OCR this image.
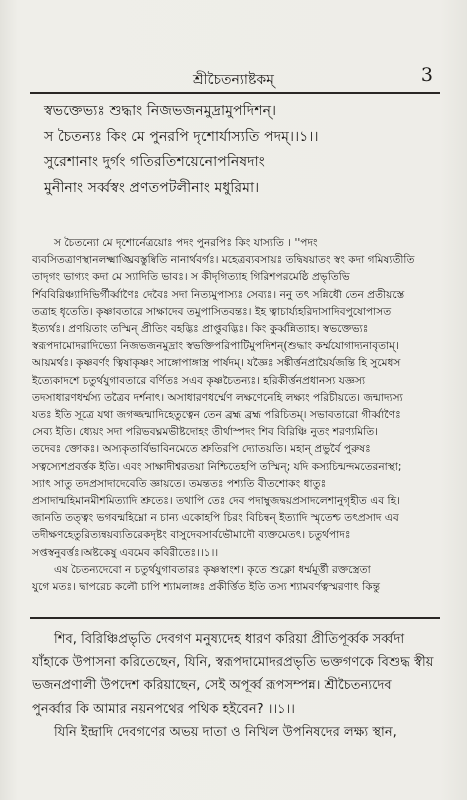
শ্রীচৈতন্যাষ্টকম্‌	3
স্বভক্তেভ্যঃ শুদ্ধাং নিজভজনমুদ্রামুপদিশন্‌।
স চৈতন্যঃ কিং মে পুনরপি দৃশোর্যাস্যতি পদম্‌।।১।।
সুরেশানাং দুর্গং গতিরতিশয়েনোপনিষদাং
মুনীনাং সর্ব্বস্বং প্রণতপটলীনাং মধুরিমা।
স চৈতন্যো মে দৃশোর্নেত্রয়োঃ পদং পুনরপিঃ কিং যাস্যতি । ''পদং
ব্যবসিতত্রাণস্থানলক্ষ্মাঙ্ঘ্রিবস্তুষ্বিতি নানার্থবর্গঃ। মহেত্রব্যবসায়ঃ তদ্বিষয়াতং স্বং কদা গমিষ্যতীতি
তাদৃগং ভাগ্যং কদা মে স্যাদিতি ভাবঃ। স কীদৃগিত্যাহ গিরিশপরমেষ্ঠি প্রভৃতিভি
র্শিববিরিঞ্চ্যাদিভির্গীর্ব্বাণৈঃ দেবৈঃ সদা নিত্যমুপাস্যঃ সেব্যঃ। ননু তৎ সন্নিধৌ তেন প্রতীয়স্তে
তত্রাহ ধৃতেতি। কৃষ্ণাবতারে সাক্ষাদেব তমুপাসিতবন্তঃ। ইহ ত্বাচার্য্যহরিদাসাদিবপুষোপাসত
ইত্যর্থঃ। প্রণয়িতাং তস্মিন্‌ প্রীতিং বহদ্ভিঃ প্রাপ্তুবদ্ভিঃ। কিং কুর্ব্বন্নিত্যাহ। স্বভক্তেভ্যঃ
স্বরূপদামোদরাদিভ্যো নিজভজনমুদ্রাং স্বভক্তিপরিপাটিমুপদিশন্‌(শুদ্ধাং কর্ম্মযোগাদ্যনাবৃতাম্‌।
আয়মর্থঃ। কৃষ্ণবর্ণং ত্বিষাকৃষ্ণং সাঙ্গোপাঙ্গাস্ত্র পার্ষদম্‌। যজ্ঞৈঃ সঙ্কীর্ত্তনপ্রায়ৈর্যজন্তি হি সুমেধস
ইত্যেকাদশে চতুর্থযুগাবতারে বর্ণিতঃ সএব কৃষ্ণচৈতন্যঃ। হরিকীর্ত্তনপ্রধানস্য যজ্ঞস্য
তদসাধারণধর্ম্মস্য তত্রৈব দর্শনাৎ। অসাধারণধর্ম্মেণ লক্ষণেনেহি লক্ষ্যং পরিচীয়তে। জন্মাদ্যস্য
যতঃ ইতি সূত্রে যথা জগজ্জন্মাদিহেতুত্বেন তেন ব্রহ্ম ব্রহ্ম পরিচিতম্‌। সভাবতারো গীর্ব্বাণৈঃ
সেব্য ইতি। ধ্যেয়ং সদা পরিভবঘ্নমভীষ্টদোহং তীর্থাস্পদং শিব বিরিঞ্চি নুতং শরণ্যমিতি।
তদেবঃ ক্তোকঃ। অস্যকৃতার্বিভাবিনমেতে শ্রুতিরপি দ্যোতয়তি। মহান্‌ প্রভুর্বৈ পুরুষঃ
সত্বস্যেশপ্রবর্ত্তক ইতি। এবং সাক্ষাদীশ্বরতয়া নিশ্চিতেহপি তস্মিন্‌; যদি কস্যচিন্মন্দমতেরনাস্থা;
স্যাৎ সাতু তদপ্রসাদাদেবেতি জ্ঞায়তে। তমন্ততঃ পশ্যতি বীতশোকং ধাতুঃ
প্রসাদান্মহিমানমীশমিত্যাদি শ্রুতেঃ। তথাপি তেঃ দেব পদাম্বুজদ্বয়প্রসাদলেশানুগৃহীত এব হি।
জানতি তত্ত্বং ভগবন্মহিম্নো ন চান্য একোহপি চিরং বিচিন্বন্‌ ইত্যাদি স্মৃতেশ্চ তৎপ্রসাদ এব
তদীক্ষণহেতুরিত্যন্বয়ব্যতিরেকদৃষ্টং বাসুদেবসার্বভৌমাদৌ ব্যক্তমেতৎ। চতুর্থপাদঃ
সপ্তস্বনুবর্ত্তঃ।অষ্টকেষু এবমেব কবিরীতেঃ।।১।।
এষ চৈতন্যদেবো ন চতুর্থযুগাবতারঃ কৃষ্ণস্বাংশ। কৃতে শুক্লো ধর্ম্মমূর্ত্তী রক্তস্ত্রেতা
যুগে মতঃ। দ্বাপরেচ কলৌ চাপি শ্যামলাঙ্গঃ প্রকীর্ত্তিত ইতি তস্য শ্যামবর্ণত্বস্মরণাৎ কিন্তু
শিব, বিরিঞ্চিপ্রভৃতি দেবগণ মনুষ্যদেহ ধারণ করিয়া প্রীতিপূর্ব্বক সর্ব্বদা
যাঁহাকে উপাসনা করিতেছেন, যিনি, স্বরূপদামোদরপ্রভৃতি ভক্তগণকে বিশুদ্ধ স্বীয়
ভজনপ্রণালী উপদেশ করিয়াছেন, সেই অপূর্ব্ব রূপসম্পন্ন। শ্রীচৈতন্যদেব
পুনর্ব্বার কি আমার নয়নপথের পথিক হইবেন? ।।১।।
যিনি ইন্দ্রাদি দেবগণের অভয় দাতা ও নিখিল উপনিষদের লক্ষ্য স্থান,
